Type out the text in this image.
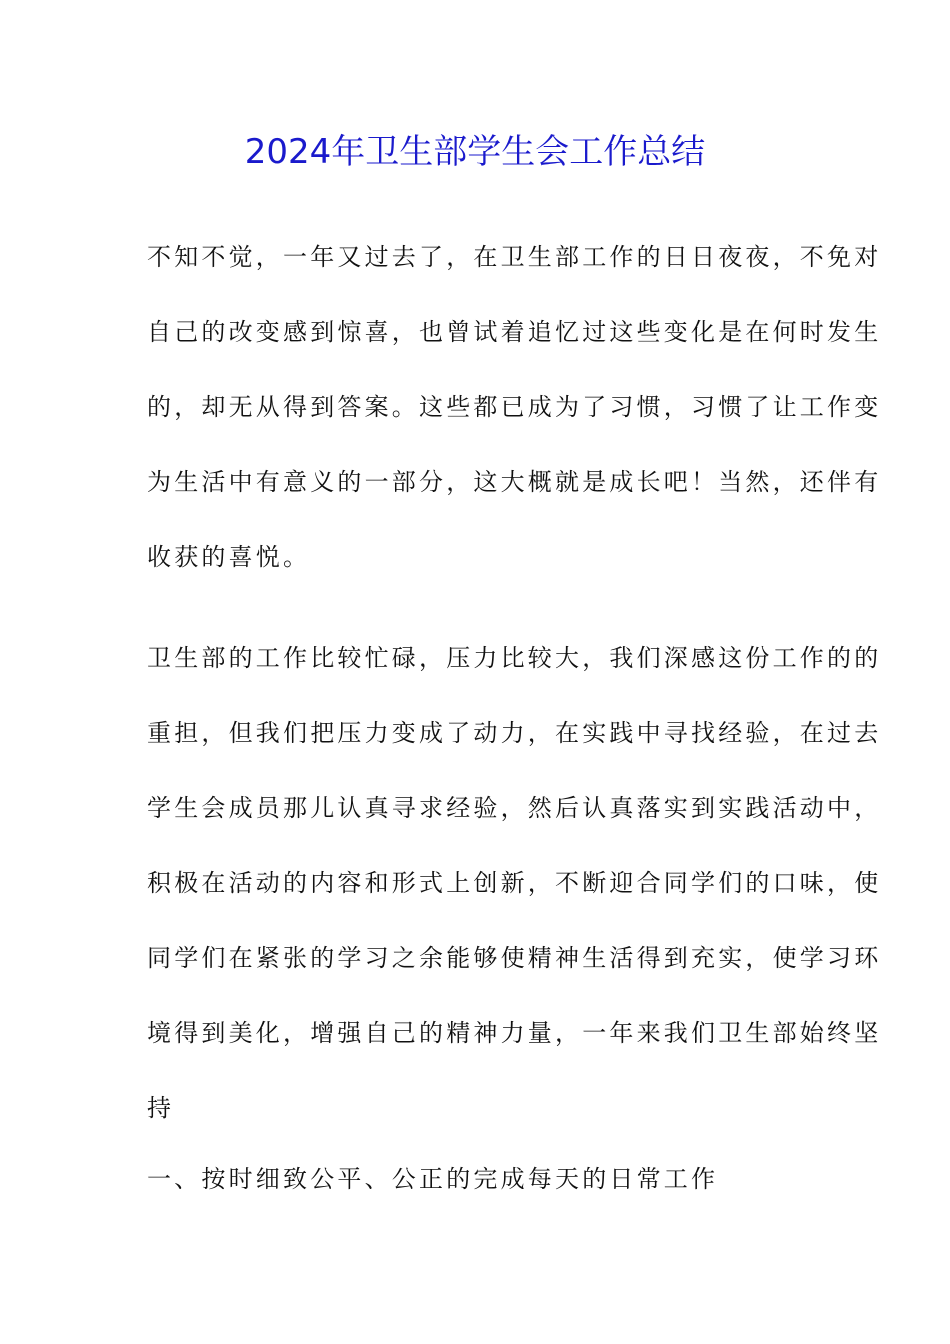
2024年卫生部学生会工作总结
不知不觉，一年又过去了，在卫生部工作的日日夜夜，不免对
自己的改变感到惊喜，也曾试着追忆过这些变化是在何时发生
的，却无从得到答案。这些都已成为了习惯，习惯了让工作变
为生活中有意义的一部分，这大概就是成长吧！当然，还伴有
收获的喜悦。
卫生部的工作比较忙碌，压力比较大，我们深感这份工作的的
重担，但我们把压力变成了动力，在实践中寻找经验，在过去
学生会成员那儿认真寻求经验，然后认真落实到实践活动中，
积极在活动的内容和形式上创新，不断迎合同学们的口味，使
同学们在紧张的学习之余能够使精神生活得到充实，使学习环
境得到美化，增强自己的精神力量，一年来我们卫生部始终坚
持
一、按时细致公平、公正的完成每天的日常工作
